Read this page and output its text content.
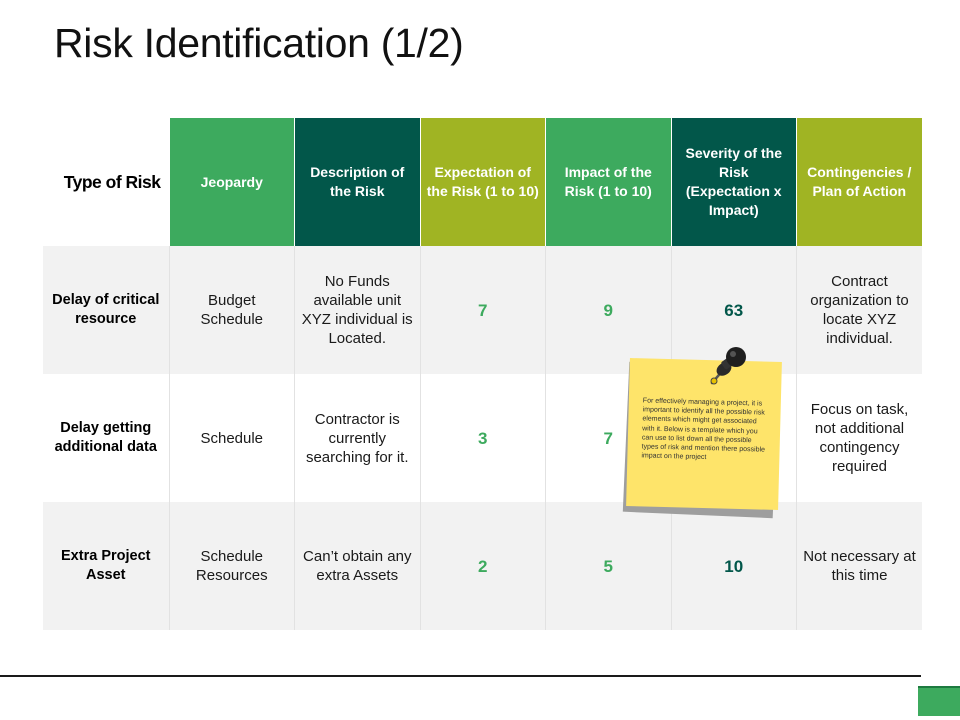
Risk Identification (1/2)
Type of Risk	Jeopardy	Description of the Risk	Expectation of the Risk (1 to 10)	Impact of the Risk (1 to 10)	Severity of the Risk (Expectation x Impact)	Contingencies / Plan of Action
Delay of critical resource	Budget Schedule	No Funds available unit XYZ individual is Located.	7	9	63	Contract organization to locate XYZ individual.
Delay getting additional data	Schedule	Contractor is currently searching for it.	3	7		Focus on task, not additional contingency required
Extra Project Asset	Schedule Resources	Can’t obtain any extra Assets	2	5	10	Not necessary at this time
For effectively managing a project, it is important to identify all the possible risk elements which might get associated with it. Below is a template which you can use to list down all the possible types of risk and mention there possible impact on the project
